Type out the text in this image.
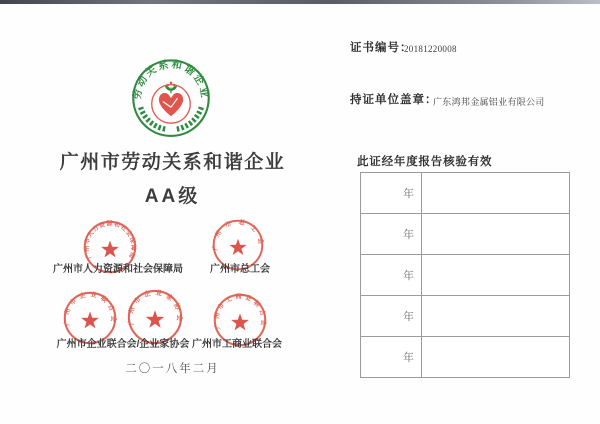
劳动关系和谐企业
广州市劳动关系和谐企业
AA级
广州市人力资源和社会保障局
广州市总工会
广州市人力资源和社会保障局	广州市总工会
广州市企业联合会 广州市企业家协会	广州市工商业联合会
广州市企业联合会/企业家协会 广州市工商业联合会
二〇一八年二月
证书编号：
20181220008
持证单位盖章：
广东鸿邦金属铝业有限公司
此证经年度报告核验有效
年	
年	
年	
年	
年	
